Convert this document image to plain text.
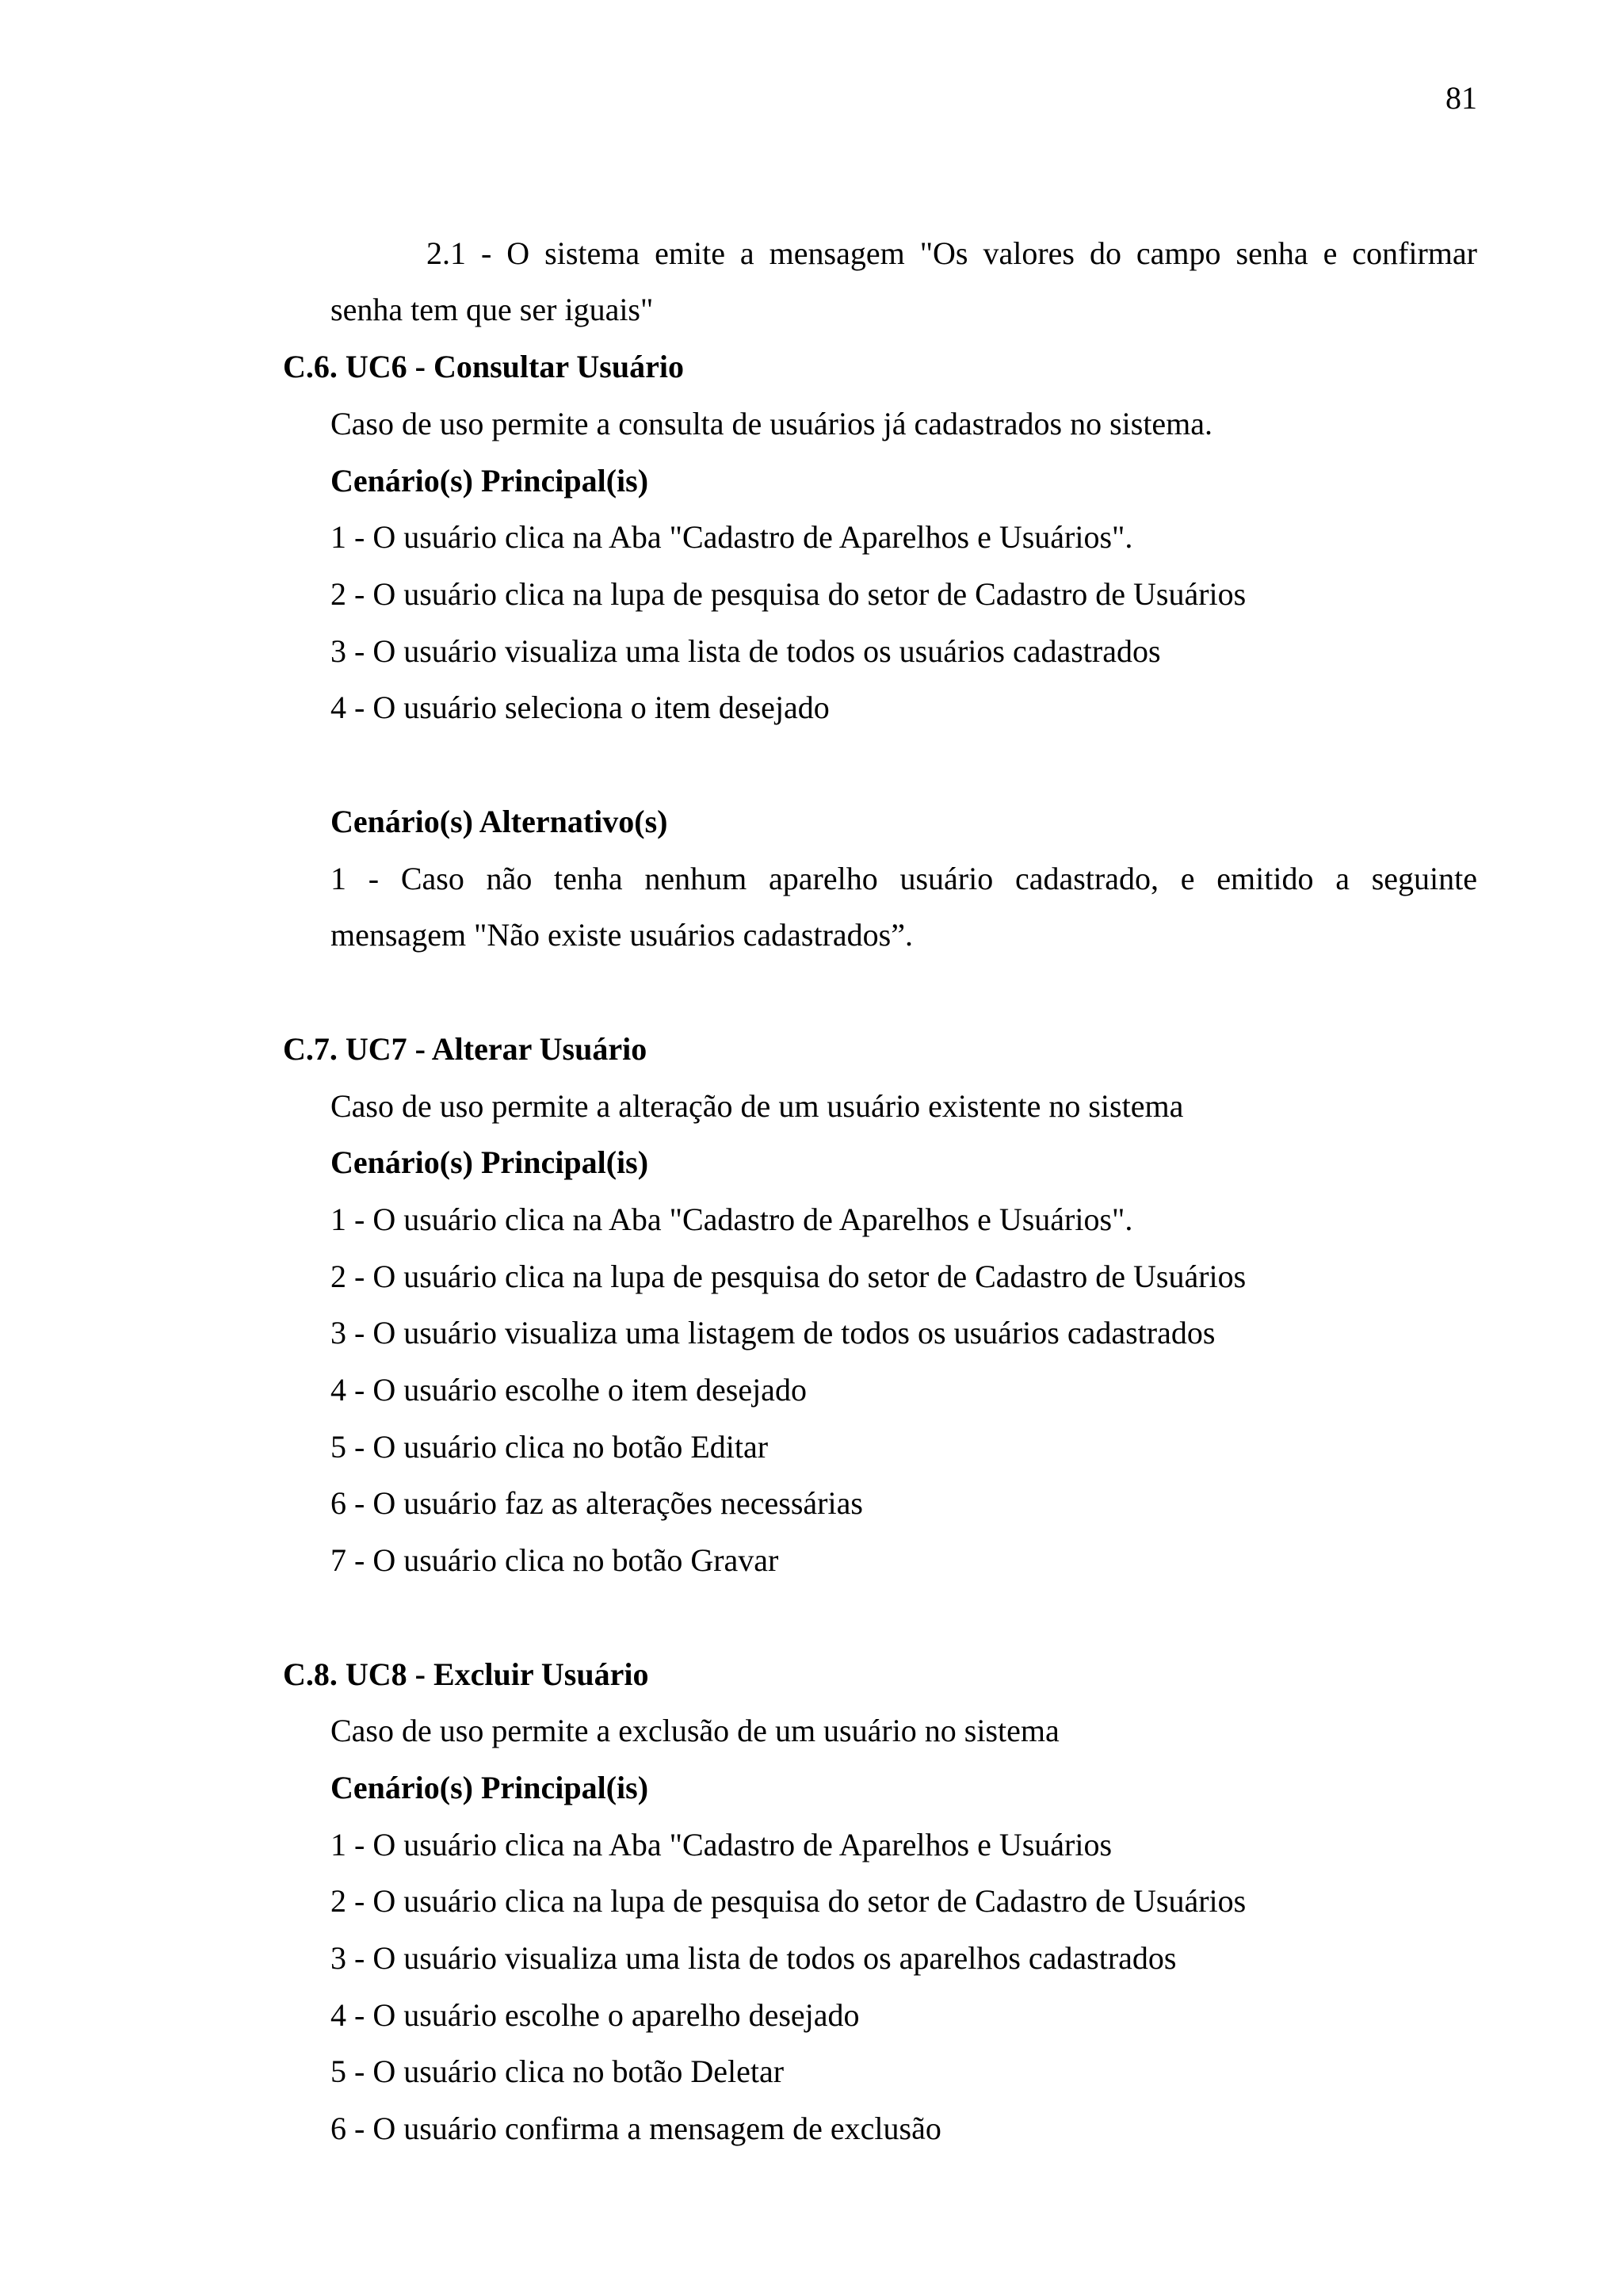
81
2.1 - O sistema emite a mensagem "Os valores do campo senha e confirmar
senha tem que ser iguais"
C.6. UC6 - Consultar Usuário
Caso de uso permite a consulta de usuários já cadastrados no sistema.
Cenário(s) Principal(is)
1 - O usuário clica na Aba "Cadastro de Aparelhos e Usuários".
2 - O usuário clica na lupa de pesquisa do setor de Cadastro de Usuários
3 - O usuário visualiza uma lista de todos os usuários cadastrados
4 - O usuário seleciona o item desejado
Cenário(s) Alternativo(s)
1 - Caso não tenha nenhum aparelho usuário cadastrado, e emitido a seguinte
mensagem "Não existe usuários cadastrados”.
C.7. UC7 - Alterar Usuário
Caso de uso permite a alteração de um usuário existente no sistema
Cenário(s) Principal(is)
1 - O usuário clica na Aba "Cadastro de Aparelhos e Usuários".
2 - O usuário clica na lupa de pesquisa do setor de Cadastro de Usuários
3 - O usuário visualiza uma listagem de todos os usuários cadastrados
4 - O usuário escolhe o item desejado
5 - O usuário clica no botão Editar
6 - O usuário faz as alterações necessárias
7 - O usuário clica no botão Gravar
C.8. UC8 - Excluir Usuário
Caso de uso permite a exclusão de um usuário no sistema
Cenário(s) Principal(is)
1 - O usuário clica na Aba "Cadastro de Aparelhos e Usuários
2 - O usuário clica na lupa de pesquisa do setor de Cadastro de Usuários
3 - O usuário visualiza uma lista de todos os aparelhos cadastrados
4 - O usuário escolhe o aparelho desejado
5 - O usuário clica no botão Deletar
6 - O usuário confirma a mensagem de exclusão
